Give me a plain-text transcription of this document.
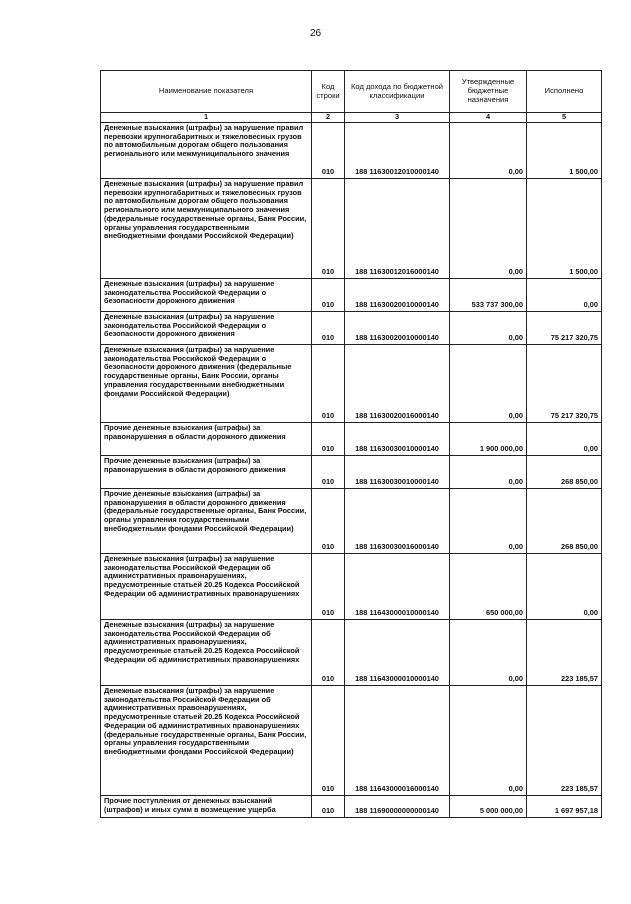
26
Наименование показателя	Код строки	Код дохода по бюджетной классификации	Утвержденные бюджетные назначения	Исполнено
1	2	3	4	5
Денежные взыскания (штрафы) за нарушение правил перевозки крупногабаритных и тяжеловесных грузов по автомобильным дорогам общего пользования регионального или межмуниципального значения	010	188 11630012010000140	0,00	1 500,00
Денежные взыскания (штрафы) за нарушение правил перевозки крупногабаритных и тяжеловесных грузов по автомобильным дорогам общего пользования регионального или межмуниципального значения (федеральные государственные органы, Банк России, органы управления государственными внебюджетными фондами Российской Федерации)	010	188 11630012016000140	0,00	1 500,00
Денежные взыскания (штрафы) за нарушение законодательства Российской Федерации о безопасности дорожного движения	010	188 11630020010000140	533 737 300,00	0,00
Денежные взыскания (штрафы) за нарушение законодательства Российской Федерации о безопасности дорожного движения	010	188 11630020010000140	0,00	75 217 320,75
Денежные взыскания (штрафы) за нарушение законодательства Российской Федерации о безопасности дорожного движения (федеральные государственные органы, Банк России, органы управления государственными внебюджетными фондами Российской Федерации)	010	188 11630020016000140	0,00	75 217 320,75
Прочие денежные взыскания (штрафы) за правонарушения в области дорожного движения	010	188 11630030010000140	1 900 000,00	0,00
Прочие денежные взыскания (штрафы) за правонарушения в области дорожного движения	010	188 11630030010000140	0,00	268 850,00
Прочие денежные взыскания (штрафы) за правонарушения в области дорожного движения (федеральные государственные органы, Банк России, органы управления государственными внебюджетными фондами Российской Федерации)	010	188 11630030016000140	0,00	268 850,00
Денежные взыскания (штрафы) за нарушение законодательства Российской Федерации об административных правонарушениях, предусмотренные статьей 20.25 Кодекса Российской Федерации об административных правонарушениях	010	188 11643000010000140	650 000,00	0,00
Денежные взыскания (штрафы) за нарушение законодательства Российской Федерации об административных правонарушениях, предусмотренные статьей 20.25 Кодекса Российской Федерации об административных правонарушениях	010	188 11643000010000140	0,00	223 185,57
Денежные взыскания (штрафы) за нарушение законодательства Российской Федерации об административных правонарушениях, предусмотренные статьей 20.25 Кодекса Российской Федерации об административных правонарушениях (федеральные государственные органы, Банк России, органы управления государственными внебюджетными фондами Российской Федерации)	010	188 11643000016000140	0,00	223 185,57
Прочие поступления от денежных взысканий (штрафов) и иных сумм в возмещение ущерба	010	188 11690000000000140	5 000 000,00	1 697 957,18
